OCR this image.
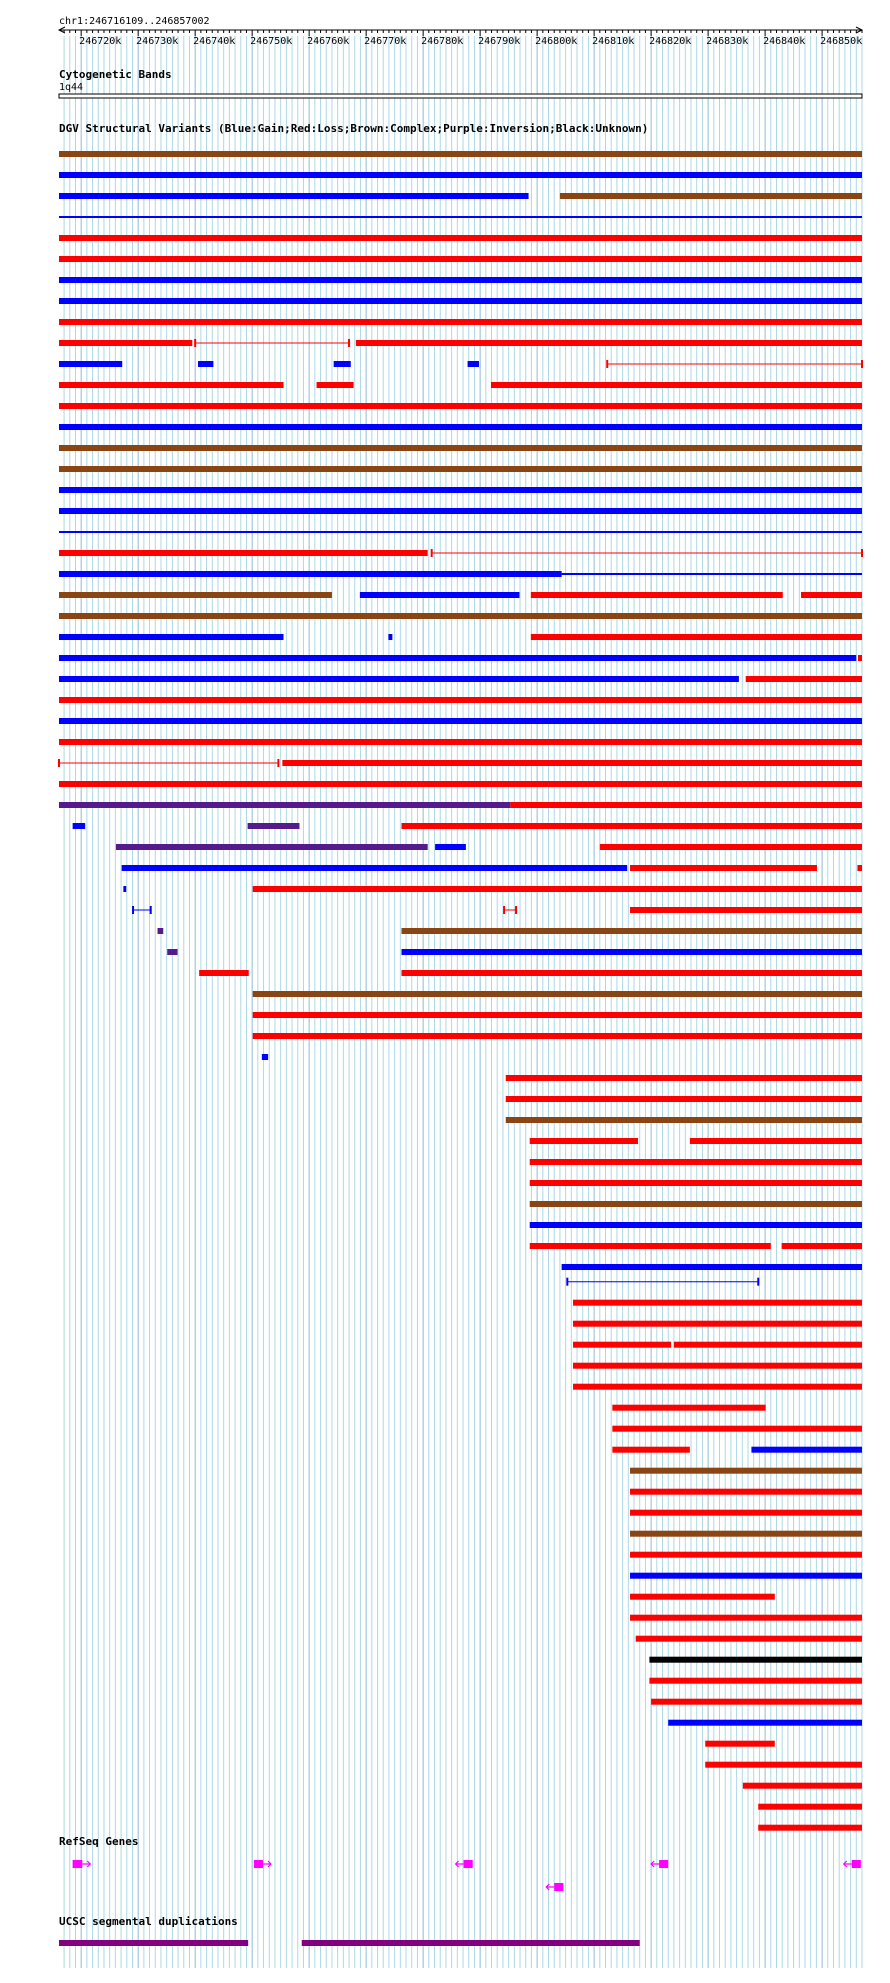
chr1:246716109..246857002
246720k 246730k 246740k 246750k 246760k 246770k 246780k 246790k 246800k 246810k 246820k 246830k 246840k 246850k
Cytogenetic Bands
1q44
DGV Structural Variants (Blue:Gain;Red:Loss;Brown:Complex;Purple:Inversion;Black:Unknown)
RefSeq Genes
UCSC segmental duplications
